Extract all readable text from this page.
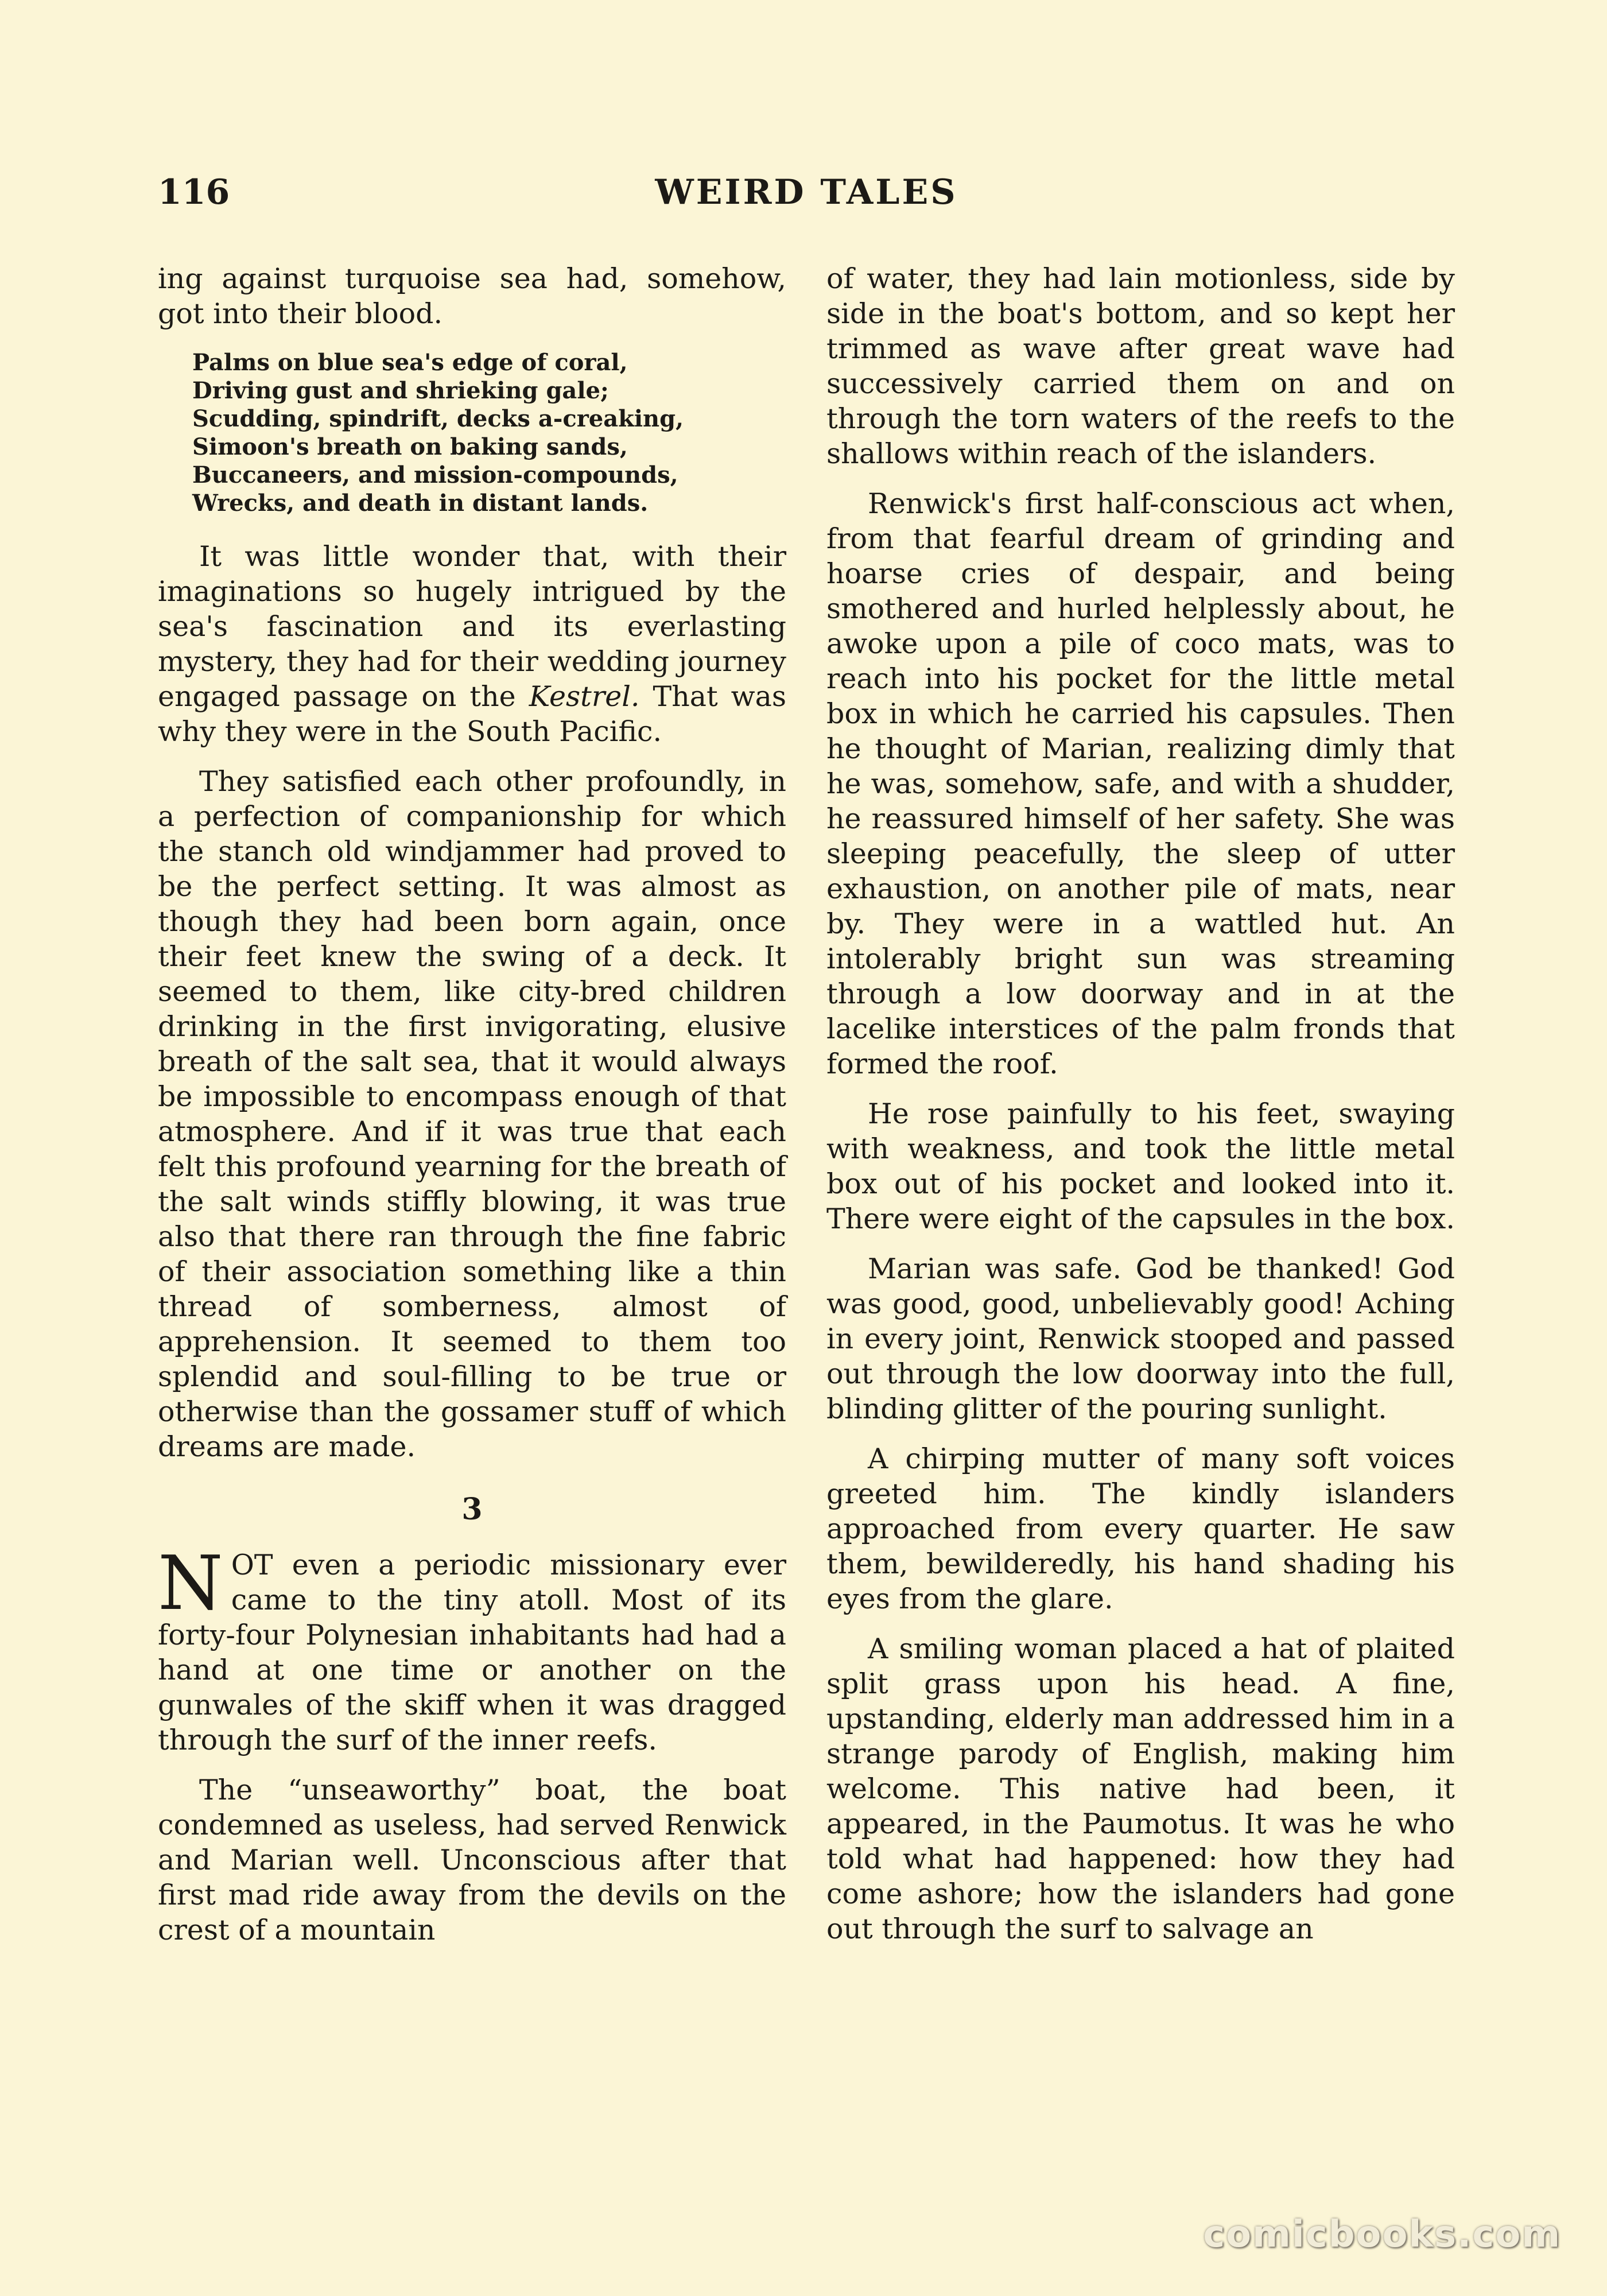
116	WEIRD TALES

ing against turquoise sea had, somehow, got into their blood.

Palms on blue sea's edge of coral,
Driving gust and shrieking gale;
Scudding, spindrift, decks a-creaking,
Simoon's breath on baking sands,
Buccaneers, and mission-compounds,
Wrecks, and death in distant lands.

It was little wonder that, with their imaginations so hugely intrigued by the sea's fascination and its everlasting mystery, they had for their wedding journey engaged passage on the Kestrel. That was why they were in the South Pacific.

They satisfied each other profoundly, in a perfection of companionship for which the stanch old windjammer had proved to be the perfect setting. It was almost as though they had been born again, once their feet knew the swing of a deck. It seemed to them, like city-bred children drinking in the first invigorating, elusive breath of the salt sea, that it would always be impossible to encompass enough of that atmosphere. And if it was true that each felt this profound yearning for the breath of the salt winds stiffly blowing, it was true also that there ran through the fine fabric of their association something like a thin thread of somberness, almost of apprehension. It seemed to them too splendid and soul-filling to be true or otherwise than the gossamer stuff of which dreams are made.

3

NOT even a periodic missionary ever came to the tiny atoll. Most of its forty-four Polynesian inhabitants had had a hand at one time or another on the gunwales of the skiff when it was dragged through the surf of the inner reefs.

The “unseaworthy” boat, the boat condemned as useless, had served Renwick and Marian well. Unconscious after that first mad ride away from the devils on the crest of a mountain

of water, they had lain motionless, side by side in the boat's bottom, and so kept her trimmed as wave after great wave had successively carried them on and on through the torn waters of the reefs to the shallows within reach of the islanders.

Renwick's first half-conscious act when, from that fearful dream of grinding and hoarse cries of despair, and being smothered and hurled helplessly about, he awoke upon a pile of coco mats, was to reach into his pocket for the little metal box in which he carried his capsules. Then he thought of Marian, realizing dimly that he was, somehow, safe, and with a shudder, he reassured himself of her safety. She was sleeping peacefully, the sleep of utter exhaustion, on another pile of mats, near by. They were in a wattled hut. An intolerably bright sun was streaming through a low doorway and in at the lacelike interstices of the palm fronds that formed the roof.

He rose painfully to his feet, swaying with weakness, and took the little metal box out of his pocket and looked into it. There were eight of the capsules in the box.

Marian was safe. God be thanked! God was good, good, unbelievably good! Aching in every joint, Renwick stooped and passed out through the low doorway into the full, blinding glitter of the pouring sunlight.

A chirping mutter of many soft voices greeted him. The kindly islanders approached from every quarter. He saw them, bewilderedly, his hand shading his eyes from the glare.

A smiling woman placed a hat of plaited split grass upon his head. A fine, upstanding, elderly man addressed him in a strange parody of English, making him welcome. This native had been, it appeared, in the Paumotus. It was he who told what had happened: how they had come ashore; how the islanders had gone out through the surf to salvage an

comicbooks.com
